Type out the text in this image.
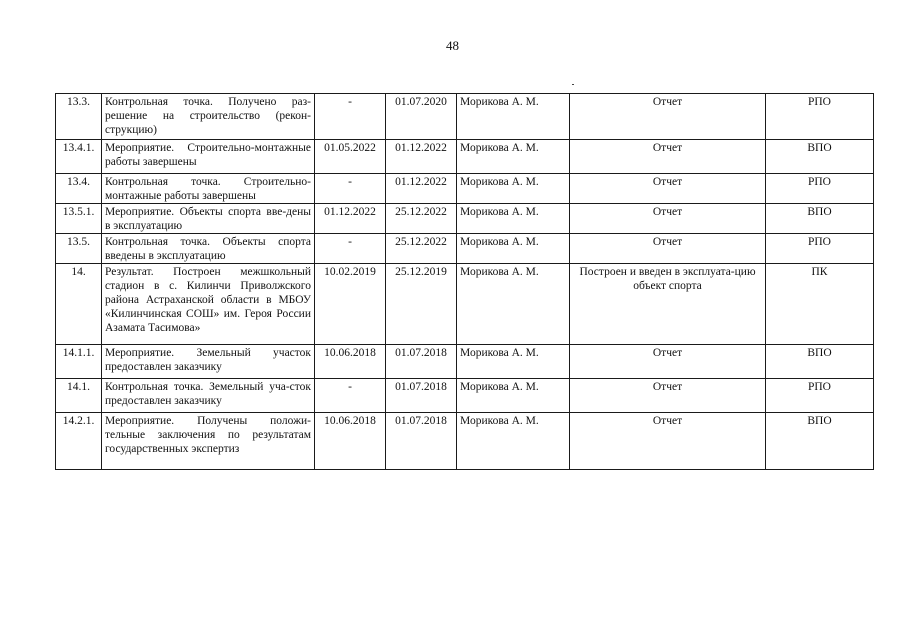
48
13.3.	Контрольная точка. Получено раз-решение на строительство (рекон-струкцию)	-	01.07.2020	Морикова А. М.	Отчет	РПО
13.4.1.	Мероприятие. Строительно-монтажные работы завершены	01.05.2022	01.12.2022	Морикова А. М.	Отчет	ВПО
13.4.	Контрольная точка. Строительно-монтажные работы завершены	-	01.12.2022	Морикова А. М.	Отчет	РПО
13.5.1.	Мероприятие. Объекты спорта вве-дены в эксплуатацию	01.12.2022	25.12.2022	Морикова А. М.	Отчет	ВПО
13.5.	Контрольная точка. Объекты спорта введены в эксплуатацию	-	25.12.2022	Морикова А. М.	Отчет	РПО
14.	Результат. Построен межшкольный стадион в с. Килинчи Приволжского района Астраханской области в МБОУ «Килинчинская СОШ» им. Героя России Азамата Тасимова»	10.02.2019	25.12.2019	Морикова А. М.	Построен и введен в эксплуата-цию объект спорта	ПК
14.1.1.	Мероприятие. Земельный участок предоставлен заказчику	10.06.2018	01.07.2018	Морикова А. М.	Отчет	ВПО
14.1.	Контрольная точка. Земельный уча-сток предоставлен заказчику	-	01.07.2018	Морикова А. М.	Отчет	РПО
14.2.1.	Мероприятие. Получены положи-тельные заключения по результатам государственных экспертиз	10.06.2018	01.07.2018	Морикова А. М.	Отчет	ВПО
